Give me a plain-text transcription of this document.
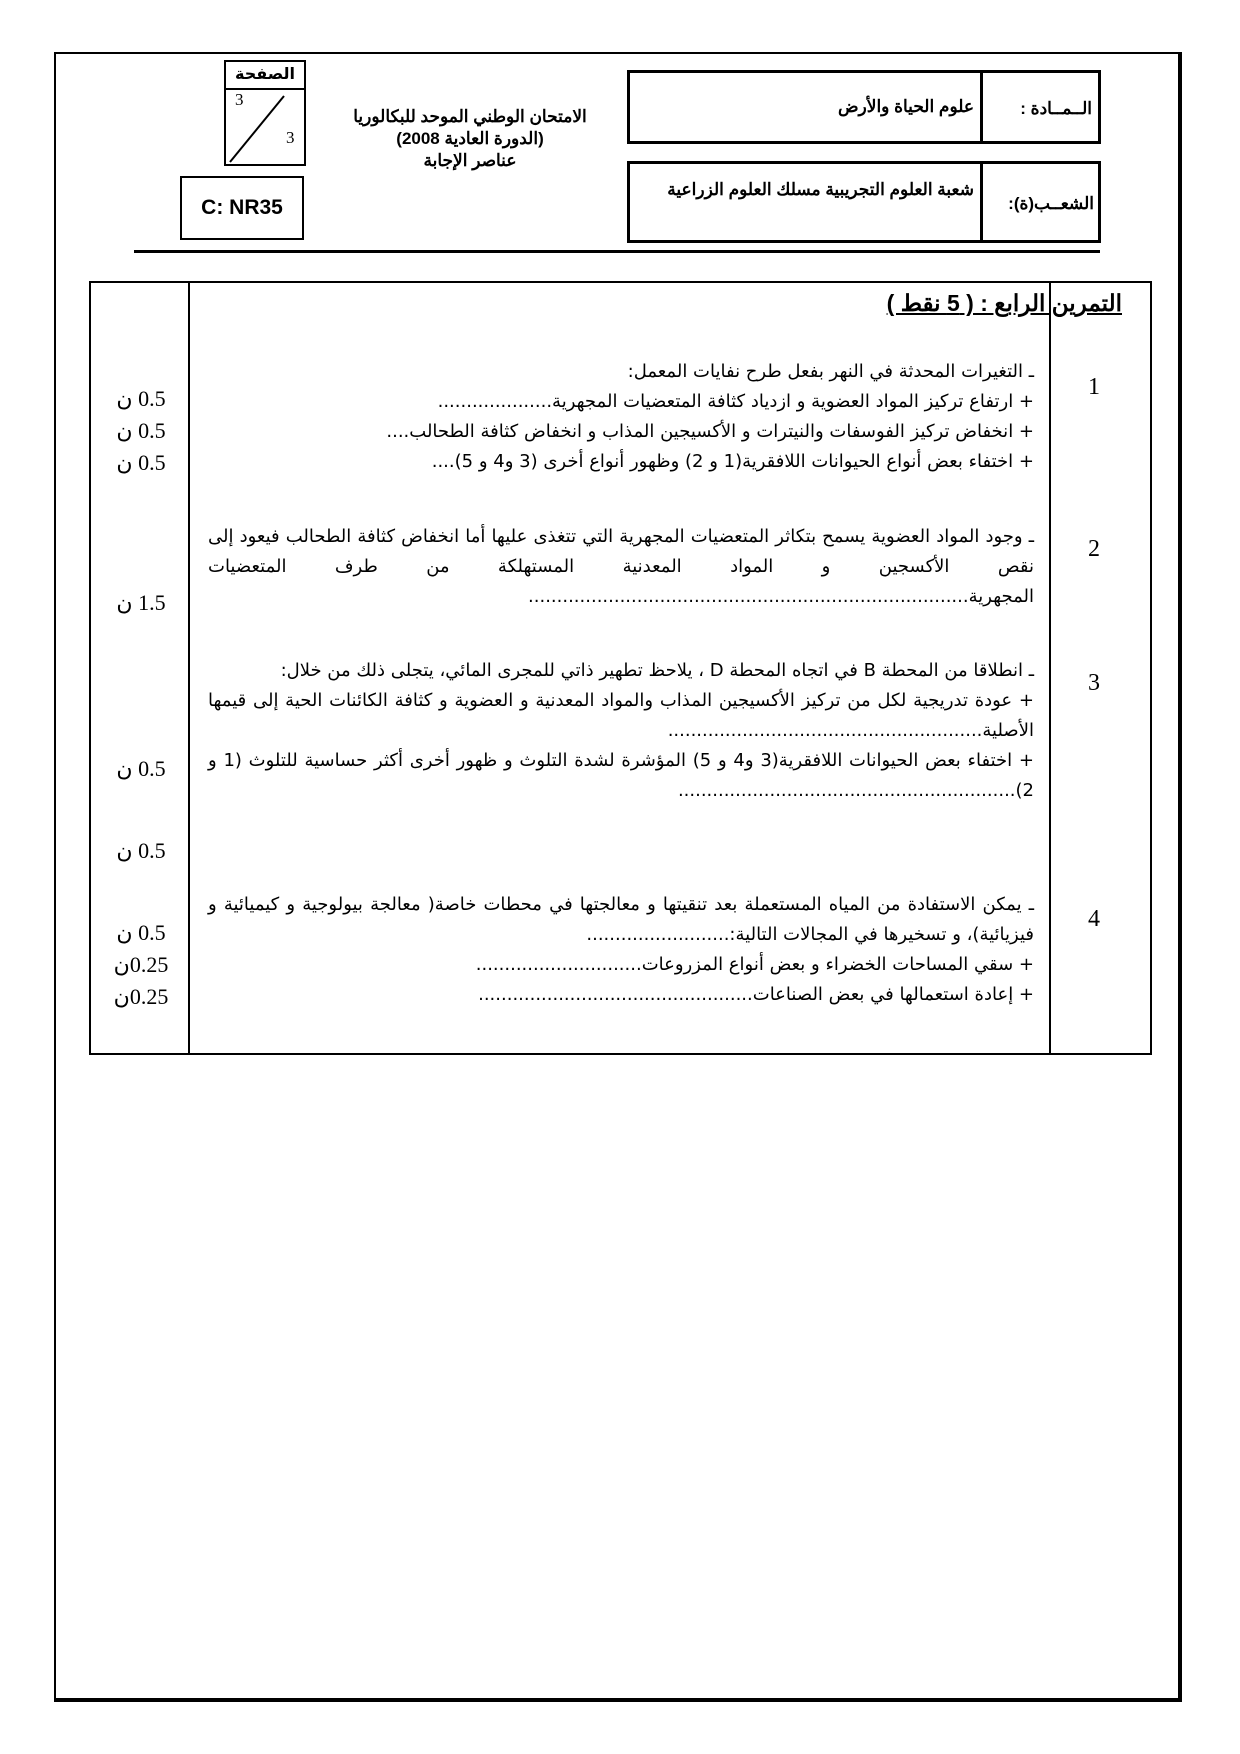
الصفحة
3
3
C: NR35
الامتحان الوطني الموحد للبكالوريا
(الدورة العادية 2008)
عناصر الإجابة
الــمــادة :
علوم الحياة والأرض
الشعــب(ة):
شعبة العلوم التجريبية مسلك العلوم الزراعية
التمرين الرابع : ( 5 نقط )
1

ـ التغيرات المحدثة في النهر بفعل طرح نفايات المعمل:

+ ارتفاع تركيز المواد العضوية و ازدياد كثافة المتعضيات المجهرية....................

+ انخفاض تركيز الفوسفات والنيترات و الأكسيجين المذاب و انخفاض كثافة الطحالب....

+ اختفاء بعض أنواع الحيوانات اللافقرية(1 و 2) وظهور أنواع أخرى (3 و4 و 5)....

0.5 ن
0.5 ن
0.5 ن
2

ـ وجود المواد العضوية يسمح بتكاثر المتعضيات المجهرية التي تتغذى عليها أما انخفاض كثافة الطحالب فيعود إلى نقص الأكسجين و المواد المعدنية المستهلكة من طرف المتعضيات المجهرية.............................................................................

1.5 ن
3

ـ انطلاقا من المحطة B في اتجاه المحطة D ، يلاحظ تطهير ذاتي للمجرى المائي، يتجلى ذلك من خلال:

+ عودة تدريجية لكل من تركيز الأكسيجين المذاب والمواد المعدنية و العضوية و كثافة الكائنات الحية إلى قيمها الأصلية.......................................................

+ اختفاء بعض الحيوانات اللافقرية(3 و4 و 5) المؤشرة لشدة التلوث و ظهور أخرى أكثر حساسية للتلوث (1 و 2)...........................................................

0.5 ن
0.5 ن
4

ـ يمكن الاستفادة من المياه المستعملة بعد تنقيتها و معالجتها في محطات خاصة( معالجة بيولوجية و كيميائية و فيزيائية)، و تسخيرها في المجالات التالية:.........................

+ سقي المساحات الخضراء و بعض أنواع المزروعات.............................

+ إعادة استعمالها في بعض الصناعات................................................

0.5 ن
0.25ن
0.25ن
